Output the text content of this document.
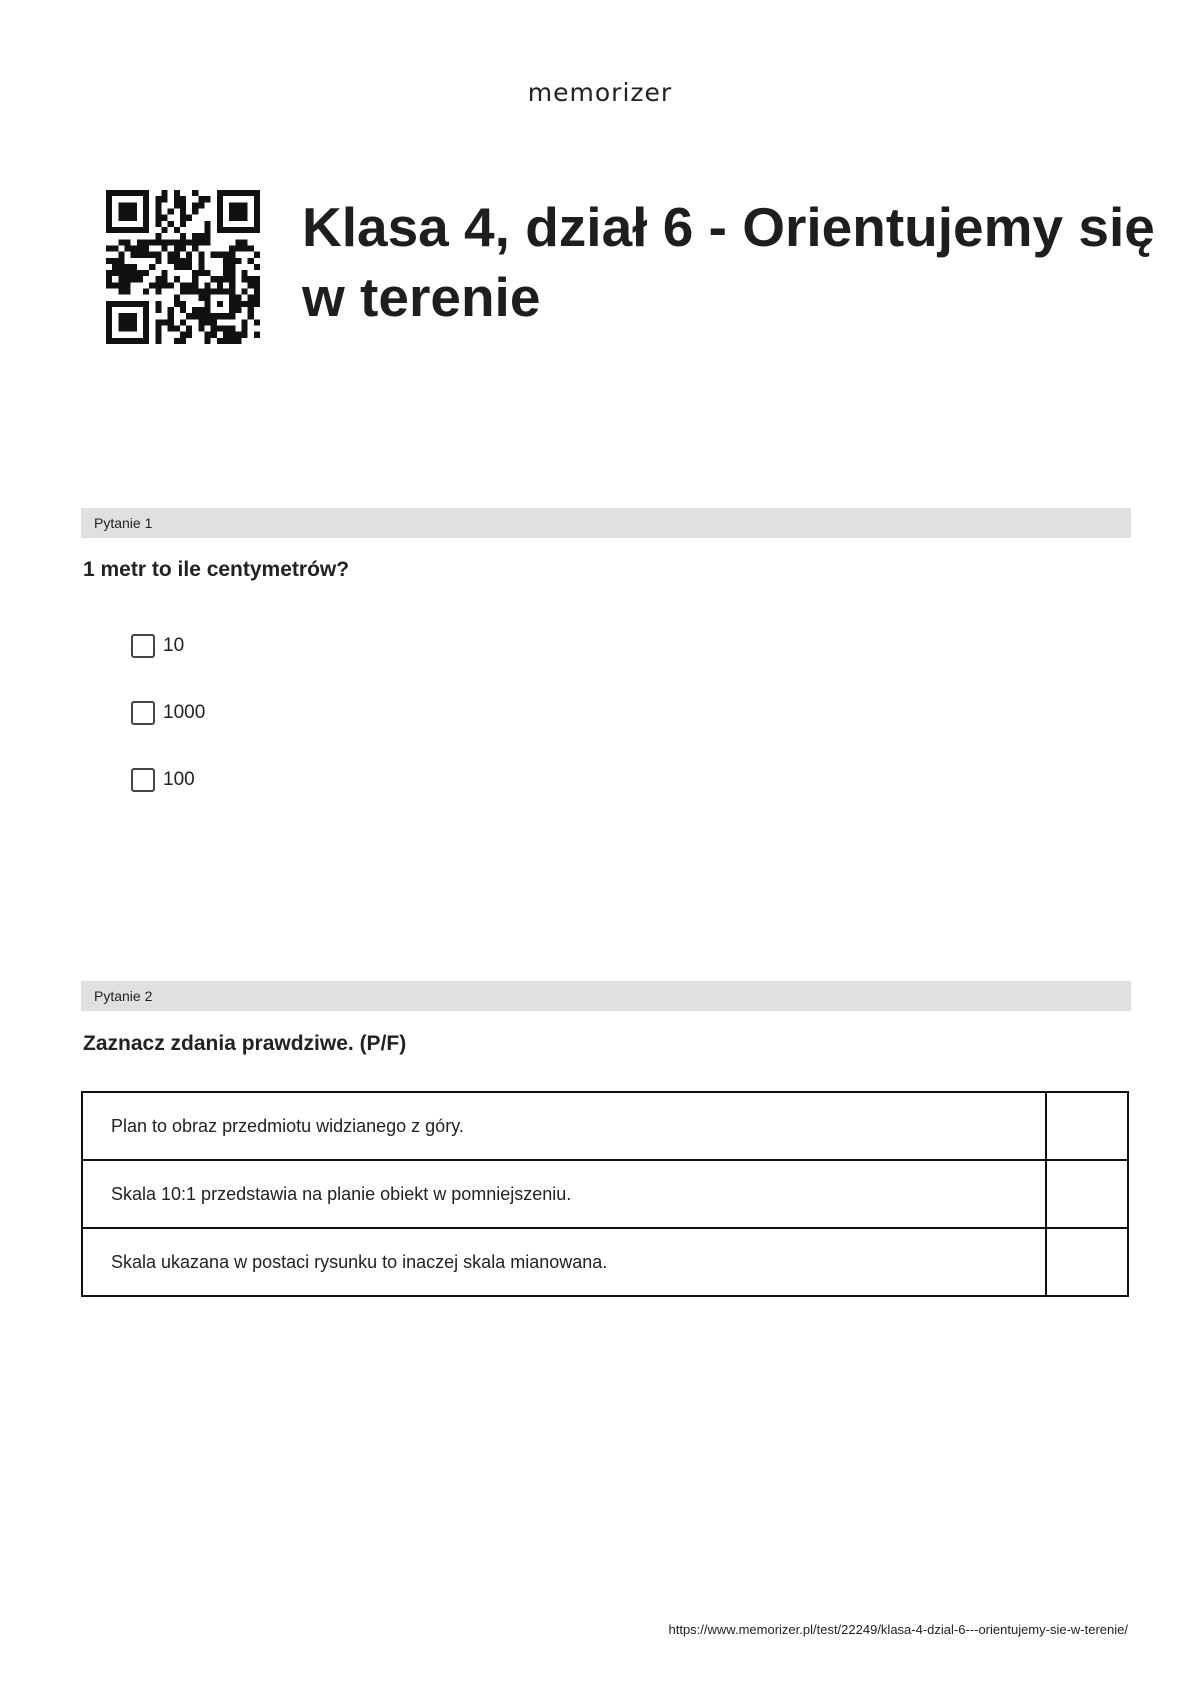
memorizer
Klasa 4, dział 6 - Orientujemy się w terenie
Pytanie 1

1 metr to ile centymetrów?

10
1000
100
Pytanie 2

Zaznacz zdania prawdziwe. (P/F)

Plan to obraz przedmiotu widzianego z góry.	
Skala 10:1 przedstawia na planie obiekt w pomniejszeniu.	
Skala ukazana w postaci rysunku to inaczej skala mianowana.	
https://www.memorizer.pl/test/22249/klasa-4-dzial-6---orientujemy-sie-w-terenie/
